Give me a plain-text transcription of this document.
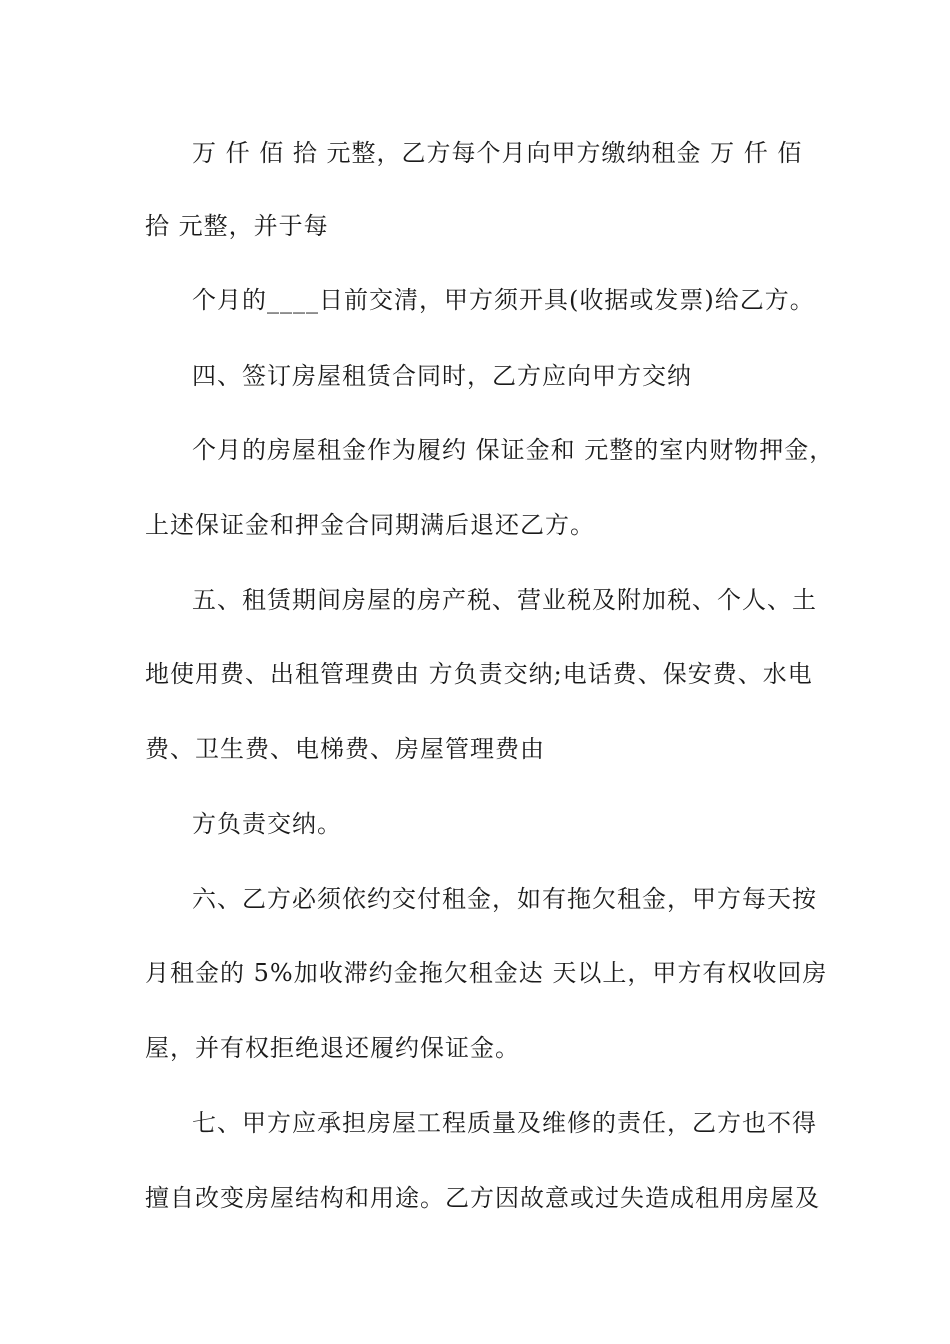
万 仟 佰 拾 元整，乙方每个月向甲方缴纳租金 万 仟 佰
拾 元整，并于每
个月的____日前交清，甲方须开具(收据或发票)给乙方。
四、签订房屋租赁合同时，乙方应向甲方交纳
个月的房屋租金作为履约 保证金和 元整的室内财物押金，
上述保证金和押金合同期满后退还乙方。
五、租赁期间房屋的房产税、营业税及附加税、个人、土
地使用费、出租管理费由 方负责交纳;电话费、保安费、水电
费、卫生费、电梯费、房屋管理费由
方负责交纳。
六、乙方必须依约交付租金，如有拖欠租金，甲方每天按
月租金的 5%加收滞约金拖欠租金达 天以上，甲方有权收回房
屋，并有权拒绝退还履约保证金。
七、甲方应承担房屋工程质量及维修的责任，乙方也不得
擅自改变房屋结构和用途。乙方因故意或过失造成租用房屋及
